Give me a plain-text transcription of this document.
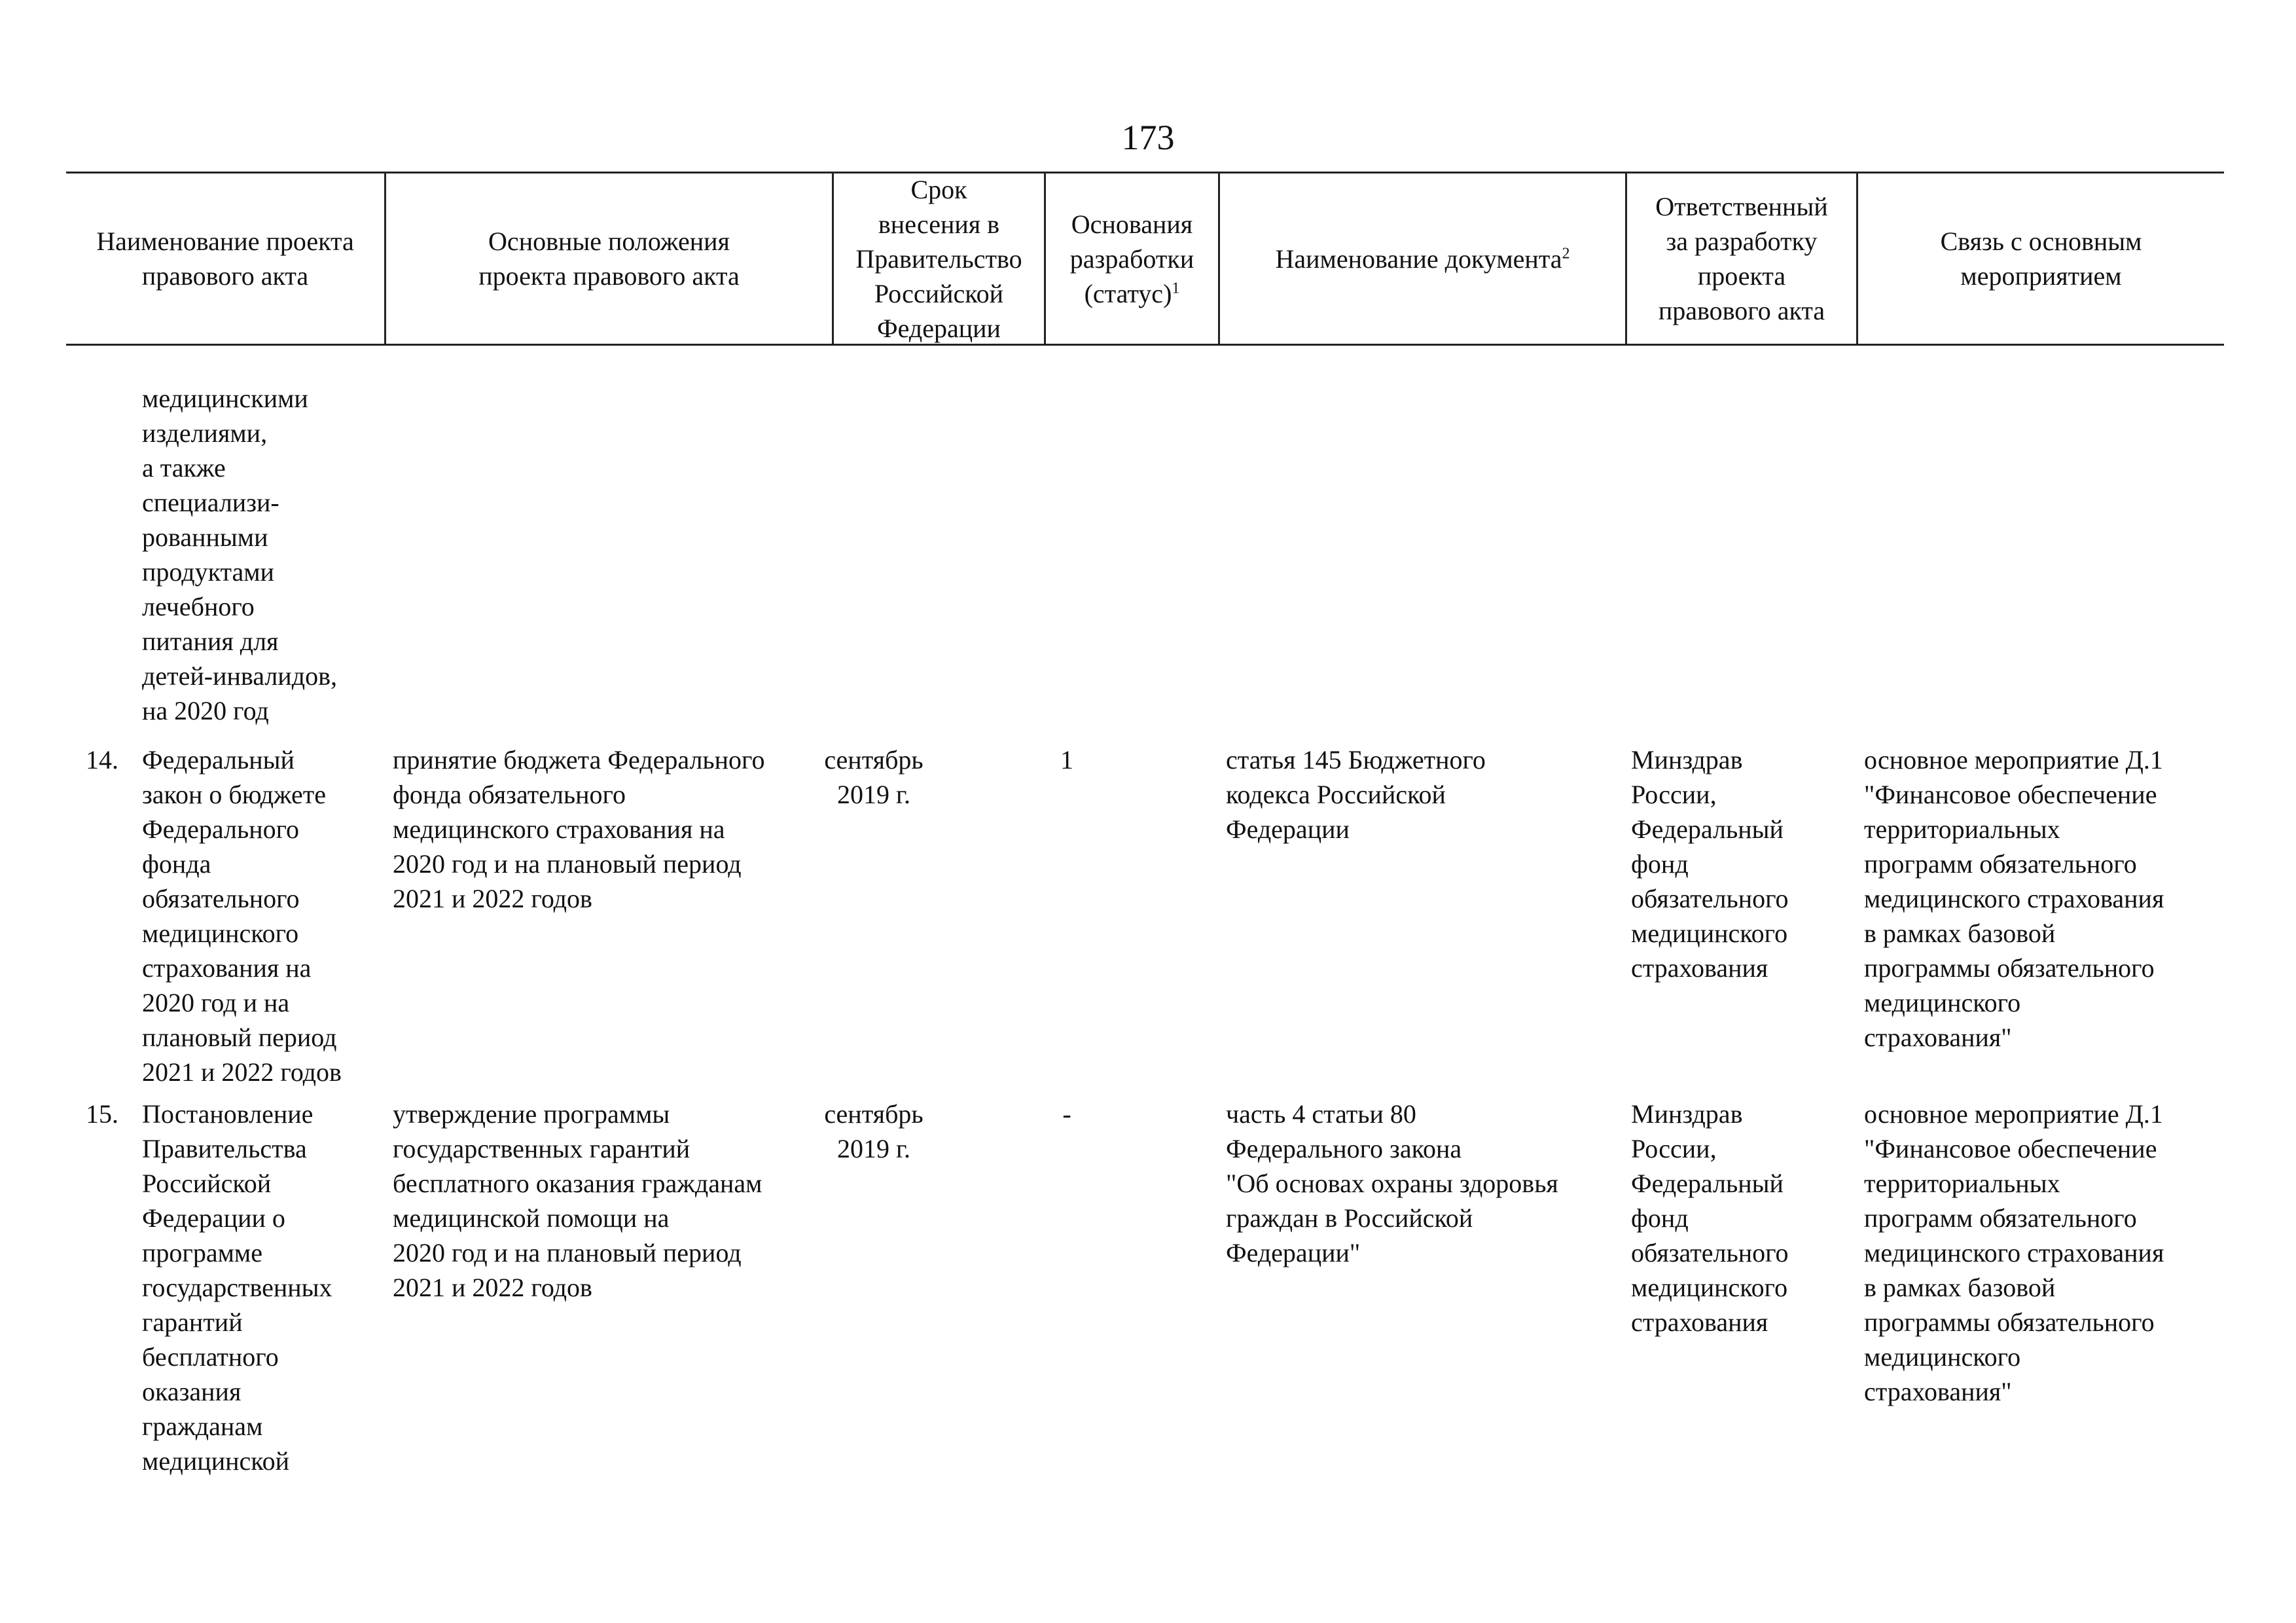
173
Наименование проекта
правового акта
Основные положения
проекта правового акта
Срок
внесения в
Правительство
Российской
Федерации
Основания
разработки
(статус)$^1$
Наименование документа$^2$
Ответственный
за разработку
проекта
правового акта
Связь с основным
мероприятием
медицинскими
изделиями,
а также
специализи-
рованными
продуктами
лечебного
питания для
детей-инвалидов,
на 2020 год
14. Федеральный
закон о бюджете
Федерального
фонда
обязательного
медицинского
страхования на
2020 год и на
плановый период
2021 и 2022 годов
принятие бюджета Федерального
фонда обязательного
медицинского страхования на
2020 год и на плановый период
2021 и 2022 годов
сентябрь
2019 г.
1	статья 145 Бюджетного
кодекса Российской
Федерации
Минздрав
России,
Федеральный
фонд
обязательного
медицинского
страхования
основное мероприятие Д.1
"Финансовое обеспечение
территориальных
программ обязательного
медицинского страхования
в рамках базовой
программы обязательного
медицинского
страхования"
15. Постановление
Правительства
Российской
Федерации о
программе
государственных
гарантий
бесплатного
оказания
гражданам
медицинской
утверждение программы
государственных гарантий
бесплатного оказания гражданам
медицинской помощи на
2020 год и на плановый период
2021 и 2022 годов
сентябрь
2019 г.
-	часть 4 статьи 80
Федерального закона
"Об основах охраны здоровья
граждан в Российской
Федерации"
Минздрав
России,
Федеральный
фонд
обязательного
медицинского
страхования
основное мероприятие Д.1
"Финансовое обеспечение
территориальных
программ обязательного
медицинского страхования
в рамках базовой
программы обязательного
медицинского
страхования"
